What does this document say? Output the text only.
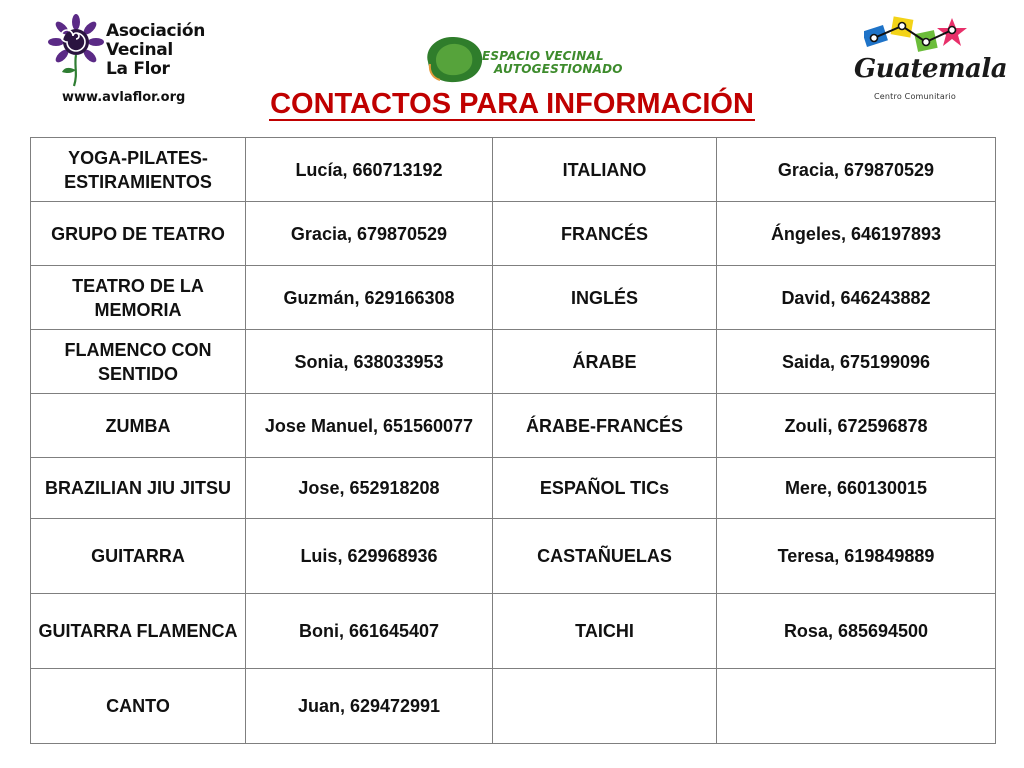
Asociación
Vecinal
La Flor
www.avlaflor.org
ESPACIO VECINAL
AUTOGESTIONADO	Guatemala
Centro Comunitario
CONTACTOS PARA INFORMACIÓN
YOGA-PILATES-ESTIRAMIENTOS	Lucía, 660713192	ITALIANO	Gracia, 679870529
GRUPO DE TEATRO	Gracia, 679870529	FRANCÉS	Ángeles, 646197893
TEATRO DE LA MEMORIA	Guzmán, 629166308	INGLÉS	David, 646243882
FLAMENCO CON SENTIDO	Sonia, 638033953	ÁRABE	Saida, 675199096
ZUMBA	Jose Manuel, 651560077	ÁRABE-FRANCÉS	Zouli, 672596878
BRAZILIAN JIU JITSU	Jose, 652918208	ESPAÑOL TICs	Mere, 660130015
GUITARRA	Luis, 629968936	CASTAÑUELAS	Teresa, 619849889
GUITARRA FLAMENCA	Boni, 661645407	TAICHI	Rosa, 685694500
CANTO	Juan, 629472991		
